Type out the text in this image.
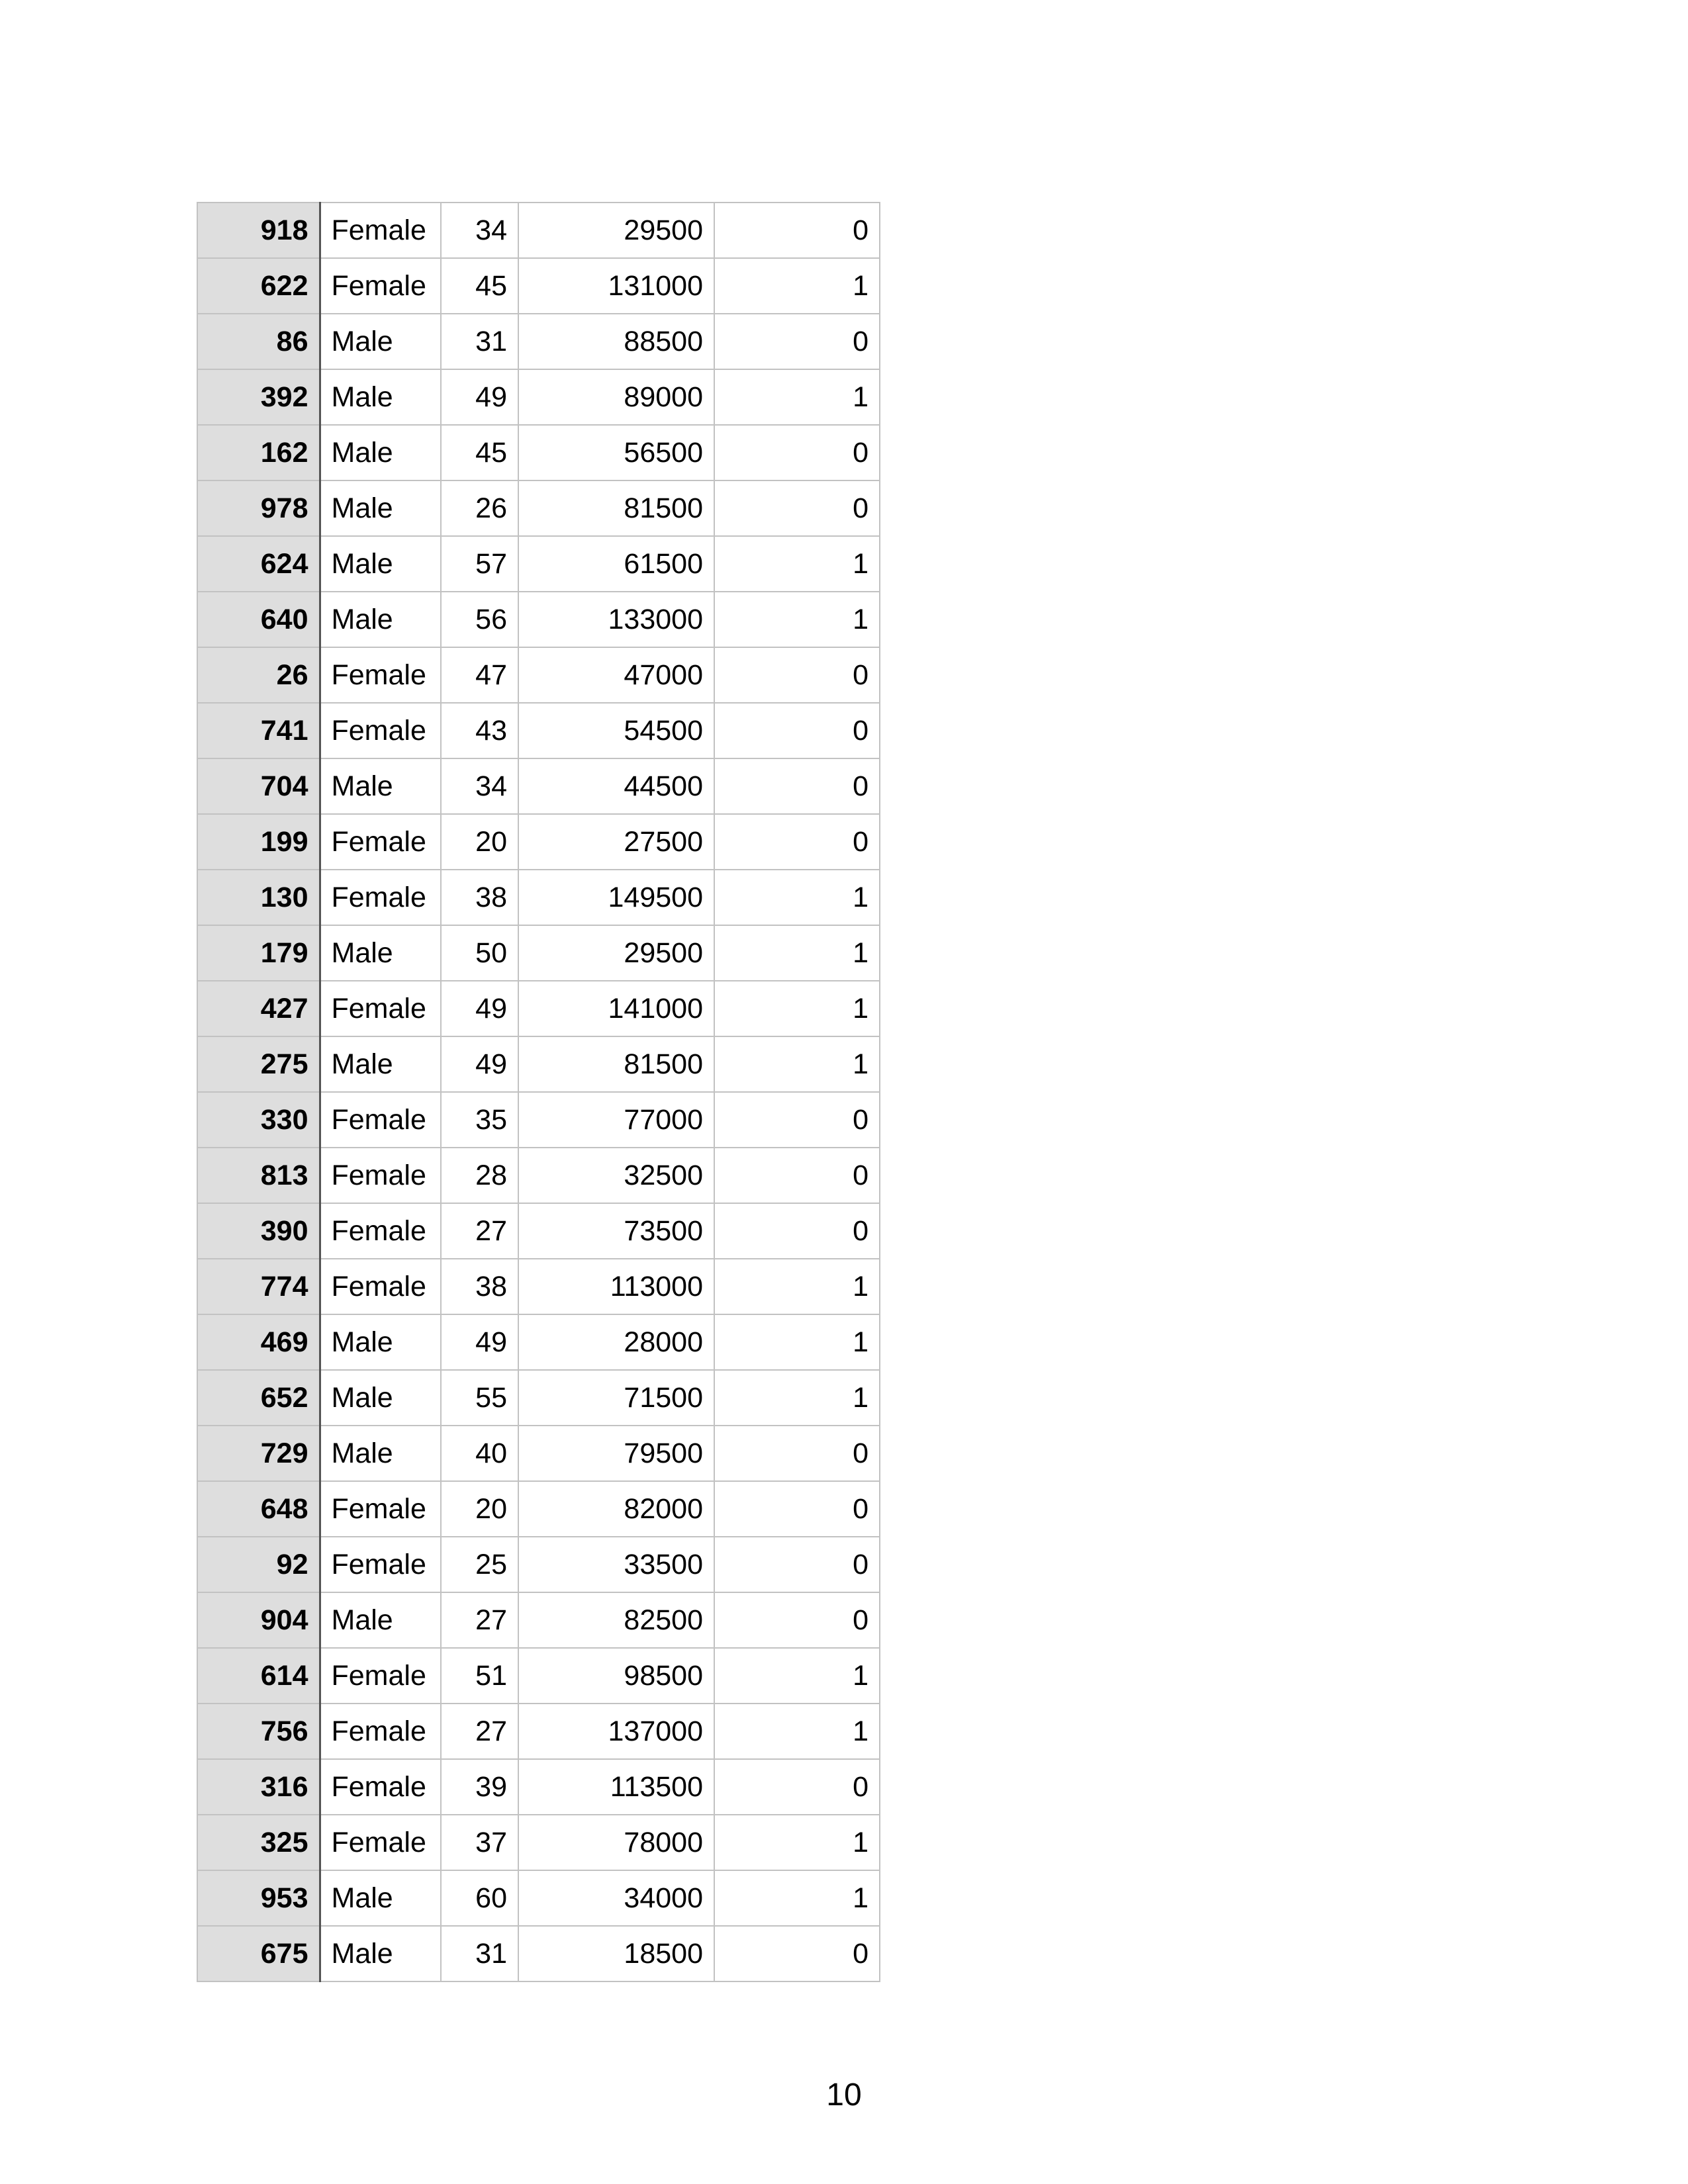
918	Female	34	29500	0
622	Female	45	131000	1
86	Male	31	88500	0
392	Male	49	89000	1
162	Male	45	56500	0
978	Male	26	81500	0
624	Male	57	61500	1
640	Male	56	133000	1
26	Female	47	47000	0
741	Female	43	54500	0
704	Male	34	44500	0
199	Female	20	27500	0
130	Female	38	149500	1
179	Male	50	29500	1
427	Female	49	141000	1
275	Male	49	81500	1
330	Female	35	77000	0
813	Female	28	32500	0
390	Female	27	73500	0
774	Female	38	113000	1
469	Male	49	28000	1
652	Male	55	71500	1
729	Male	40	79500	0
648	Female	20	82000	0
92	Female	25	33500	0
904	Male	27	82500	0
614	Female	51	98500	1
756	Female	27	137000	1
316	Female	39	113500	0
325	Female	37	78000	1
953	Male	60	34000	1
675	Male	31	18500	0
10
